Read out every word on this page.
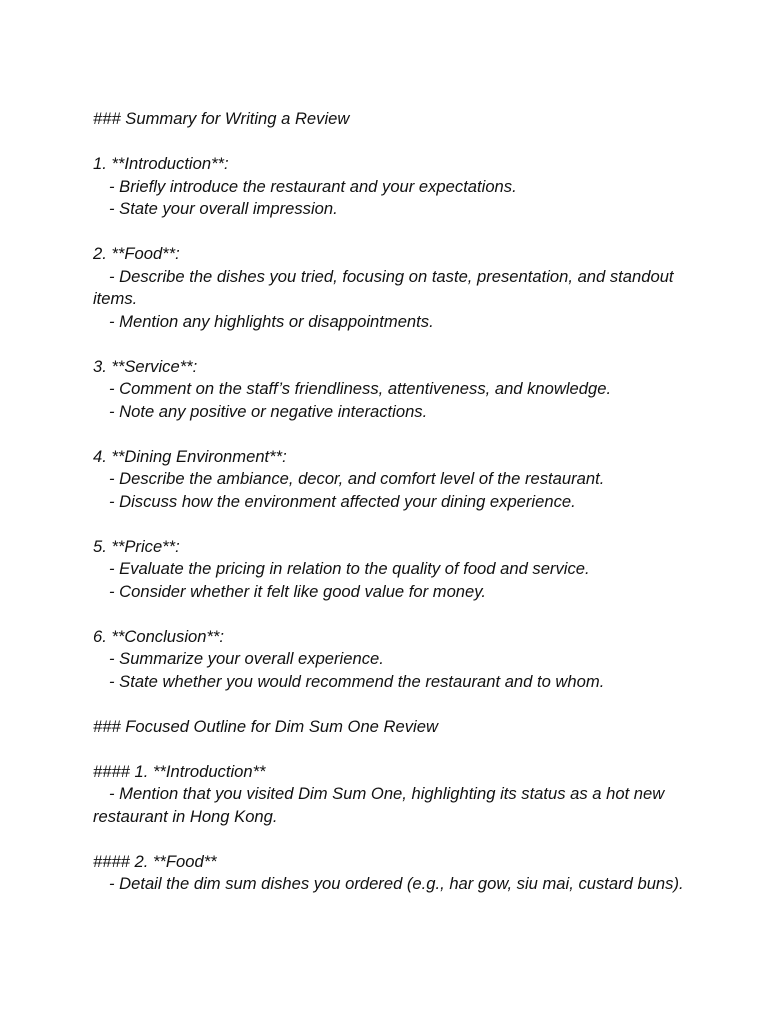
### Summary for Writing a Review
1. **Introduction**:
- Briefly introduce the restaurant and your expectations.
- State your overall impression.
2. **Food**:
- Describe the dishes you tried, focusing on taste, presentation, and standout items.
- Mention any highlights or disappointments.
3. **Service**:
- Comment on the staff’s friendliness, attentiveness, and knowledge.
- Note any positive or negative interactions.
4. **Dining Environment**:
- Describe the ambiance, decor, and comfort level of the restaurant.
- Discuss how the environment affected your dining experience.
5. **Price**:
- Evaluate the pricing in relation to the quality of food and service.
- Consider whether it felt like good value for money.
6. **Conclusion**:
- Summarize your overall experience.
- State whether you would recommend the restaurant and to whom.
### Focused Outline for Dim Sum One Review
#### 1. **Introduction**
- Mention that you visited Dim Sum One, highlighting its status as a hot new restaurant in Hong Kong.
#### 2. **Food**
- Detail the dim sum dishes you ordered (e.g., har gow, siu mai, custard buns).
